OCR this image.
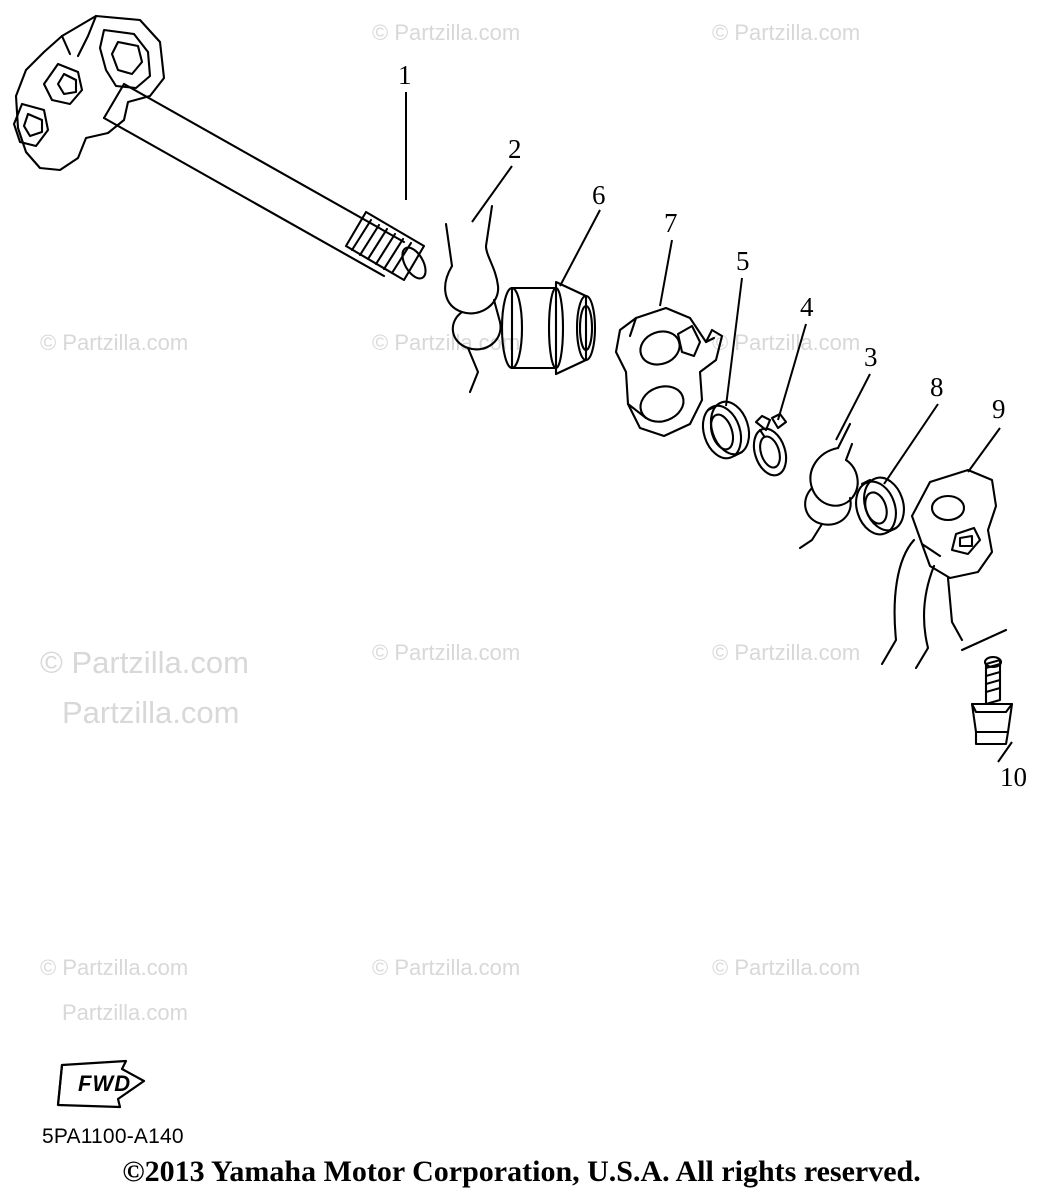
© Partzilla.com
Partzilla.com
© Partzilla.com	© Partzilla.com
© Partzilla.com	© Partzilla.com	© Partzilla.com
© Partzilla.com	© Partzilla.com
© Partzilla.com
Partzilla.com
© Partzilla.com	© Partzilla.com
1
2
6
7
5
4
3
8
9
10
FWD
5PA1100-A140
©2013 Yamaha Motor Corporation, U.S.A. All rights reserved.
